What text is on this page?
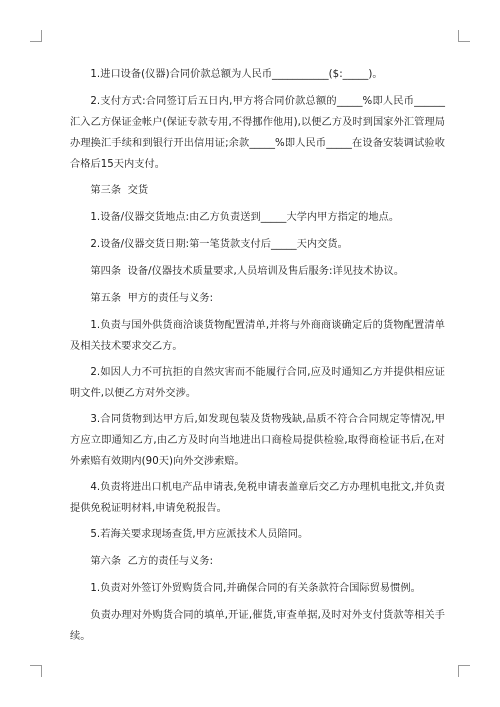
1.进口设备(仪器)合同价款总额为人民币___________($:_____)。

2.支付方式:合同签订后五日内,甲方将合同价款总额的_____%即人民币______汇入乙方保证金帐户(保证专款专用,不得挪作他用),以便乙方及时到国家外汇管理局办理换汇手续和到银行开出信用证;余款_____%即人民币_____在设备安装调试验收合格后15天内支付。

第三条  交货

1.设备/仪器交货地点:由乙方负责送到_____大学内甲方指定的地点。

2.设备/仪器交货日期:第一笔货款支付后_____天内交货。

第四条  设备/仪器技术质量要求,人员培训及售后服务:详见技术协议。

第五条  甲方的责任与义务:

1.负责与国外供货商洽谈货物配置清单,并将与外商商谈确定后的货物配置清单及相关技术要求交乙方。

2.如因人力不可抗拒的自然灾害而不能履行合同,应及时通知乙方并提供相应证明文件,以便乙方对外交涉。

3.合同货物到达甲方后,如发现包装及货物残缺,品质不符合合同规定等情况,甲方应立即通知乙方,由乙方及时向当地进出口商检局提供检验,取得商检证书后,在对外索赔有效期内(90天)向外交涉索赔。

4.负责将进出口机电产品申请表,免税申请表盖章后交乙方办理机电批文,并负责提供免税证明材料,申请免税报告。

5.若海关要求现场查货,甲方应派技术人员陪同。

第六条  乙方的责任与义务:

1.负责对外签订外贸购货合同,并确保合同的有关条款符合国际贸易惯例。

负责办理对外购货合同的填单,开证,催货,审查单据,及时对外支付货款等相关手续。
